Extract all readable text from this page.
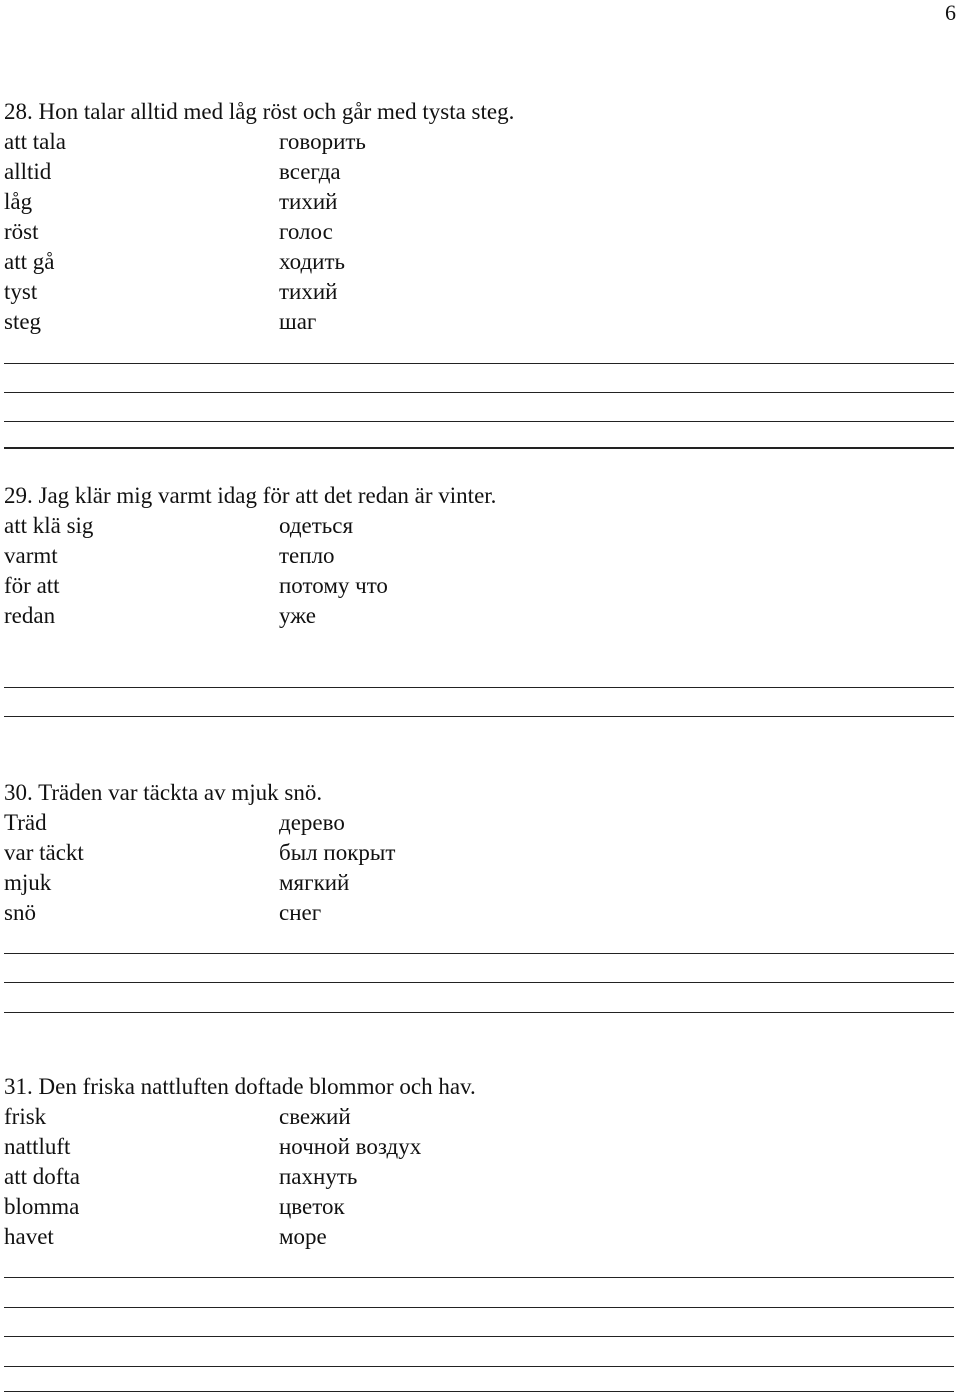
6
28. Hon talar alltid med låg röst och går med tysta steg.
att tala	говорить
alltid	всегда
låg	тихий
röst	голос
att gå	ходить
tyst	тихий
steg	шаг
29. Jag klär mig varmt idag för att det redan är vinter.
att klä sig	одеться
varmt	тепло
för att	потому что
redan	уже
30. Träden var täckta av mjuk snö.
Träd	дерево
var täckt	был покрыт
mjuk	мягкий
snö	снег
31. Den friska nattluften doftade blommor och hav.
frisk	свежий
nattluft	ночной воздух
att dofta	пахнуть
blomma	цветок
havet	море
